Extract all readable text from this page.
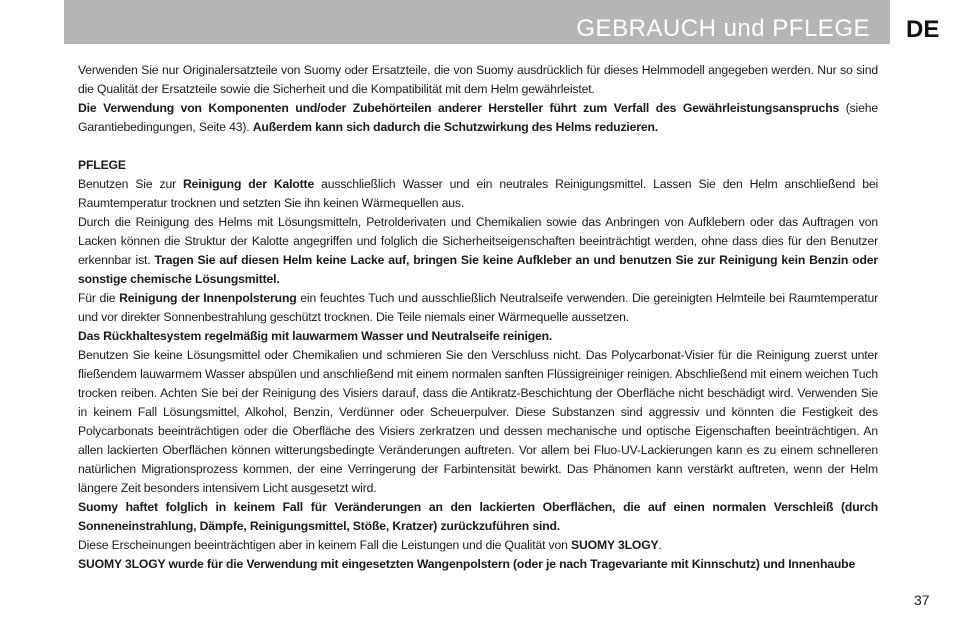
GEBRAUCH und PFLEGE DE

Verwenden Sie nur Originalersatzteile von Suomy oder Ersatzteile, die von Suomy ausdrücklich für dieses Helmmodell angegeben werden. Nur so sind die Qualität der Ersatzteile sowie die Sicherheit und die Kompatibilität mit dem Helm gewährleistet.

Die Verwendung von Komponenten und/oder Zubehörteilen anderer Hersteller führt zum Verfall des Gewährleistungsanspruchs (siehe Garantiebedingungen, Seite 43). Außerdem kann sich dadurch die Schutzwirkung des Helms reduzieren.

PFLEGE

Benutzen Sie zur Reinigung der Kalotte ausschließlich Wasser und ein neutrales Reinigungsmittel. Lassen Sie den Helm anschließend bei Raumtemperatur trocknen und setzten Sie ihn keinen Wärmequellen aus.

Durch die Reinigung des Helms mit Lösungsmitteln, Petrolderivaten und Chemikalien sowie das Anbringen von Aufklebern oder das Auftragen von Lacken können die Struktur der Kalotte angegriffen und folglich die Sicherheitseigenschaften beeinträchtigt werden, ohne dass dies für den Benutzer erkennbar ist. Tragen Sie auf diesen Helm keine Lacke auf, bringen Sie keine Aufkleber an und benutzen Sie zur Reinigung kein Benzin oder sonstige chemische Lösungsmittel.

Für die Reinigung der Innenpolsterung ein feuchtes Tuch und ausschließlich Neutralseife verwenden. Die gereinigten Helmteile bei Raumtemperatur und vor direkter Sonnenbestrahlung geschützt trocknen. Die Teile niemals einer Wärmequelle aussetzen.

Das Rückhaltesystem regelmäßig mit lauwarmem Wasser und Neutralseife reinigen.

Benutzen Sie keine Lösungsmittel oder Chemikalien und schmieren Sie den Verschluss nicht. Das Polycarbonat-Visier für die Reinigung zuerst unter fließendem lauwarmem Wasser abspülen und anschließend mit einem normalen sanften Flüssigreiniger reinigen. Abschließend mit einem weichen Tuch trocken reiben. Achten Sie bei der Reinigung des Visiers darauf, dass die Antikratz-Beschichtung der Oberfläche nicht beschädigt wird. Verwenden Sie in keinem Fall Lösungsmittel, Alkohol, Benzin, Verdünner oder Scheuerpulver. Diese Substanzen sind aggressiv und könnten die Festigkeit des Polycarbonats beeinträchtigen oder die Oberfläche des Visiers zerkratzen und dessen mechanische und optische Eigenschaften beeinträchtigen. An allen lackierten Oberflächen können witterungsbedingte Veränderungen auftreten. Vor allem bei Fluo-UV-Lackierungen kann es zu einem schnelleren natürlichen Migrationsprozess kommen, der eine Verringerung der Farbintensität bewirkt. Das Phänomen kann verstärkt auftreten, wenn der Helm längere Zeit besonders intensivem Licht ausgesetzt wird.

Suomy haftet folglich in keinem Fall für Veränderungen an den lackierten Oberflächen, die auf einen normalen Verschleiß (durch Sonneneinstrahlung, Dämpfe, Reinigungsmittel, Stöße, Kratzer) zurückzuführen sind.

Diese Erscheinungen beeinträchtigen aber in keinem Fall die Leistungen und die Qualität von SUOMY 3LOGY.

SUOMY 3LOGY wurde für die Verwendung mit eingesetzten Wangenpolstern (oder je nach Tragevariante mit Kinnschutz) und Innenhaube

37
